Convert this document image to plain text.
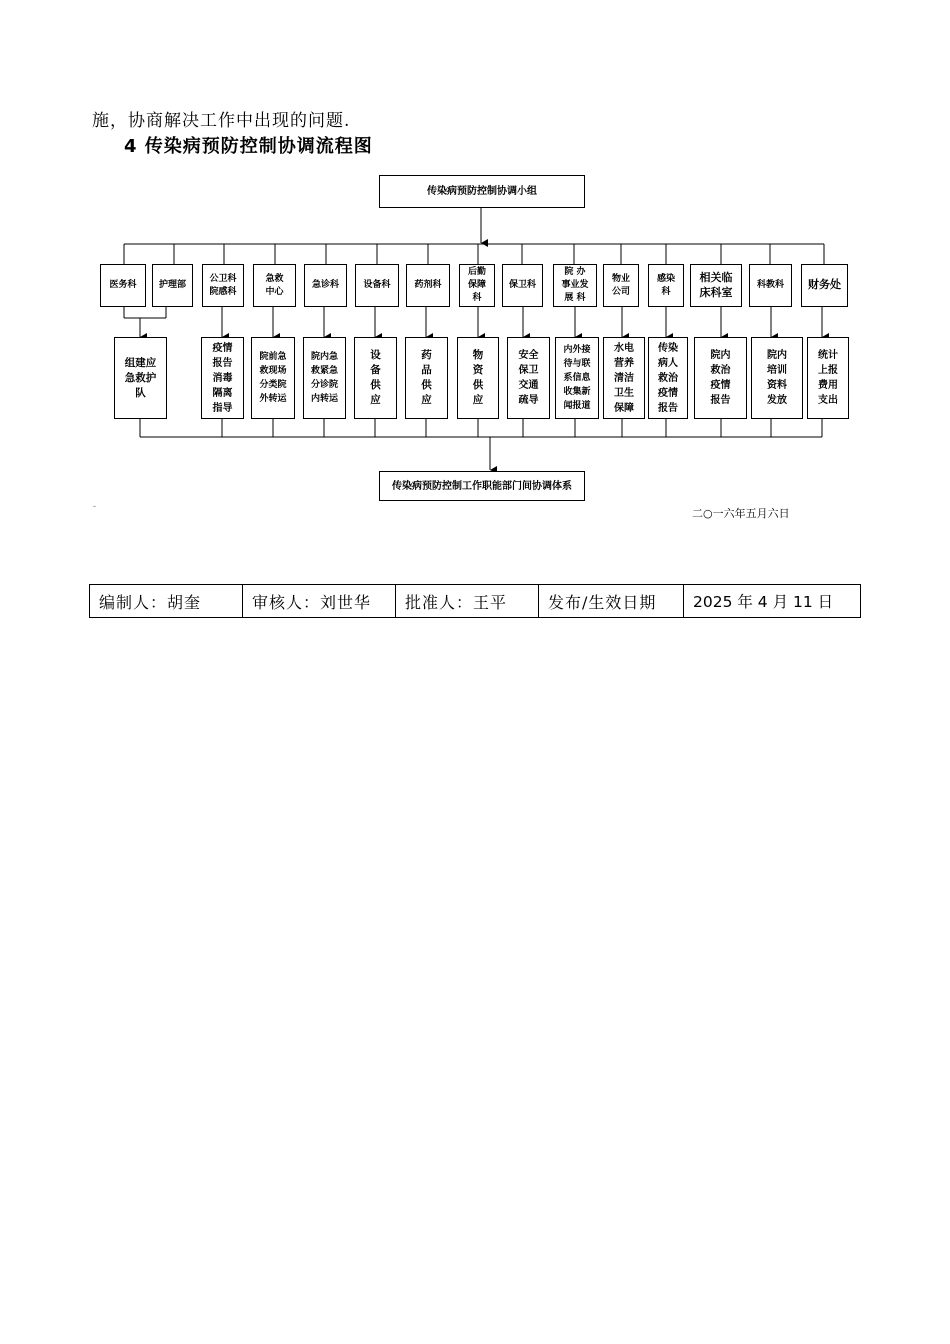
施，协商解决工作中出现的问题.
4 传染病预防控制协调流程图
传染病预防控制协调小组
传染病预防控制工作职能部门间协调体系
医务科	护理部
公卫科
院感科
急救
中心
急诊科	设备科	药剂科
后勤
保障
科
保卫科
院 办
事业发
展 科
物业
公司
感染
科
相关临
床科室
科教科	财务处
组建应
急救护
队
疫情
报告
消毒
隔离
指导
院前急
救现场
分类院
外转运
院内急
救紧急
分诊院
内转运
设
备
供
应
药
品
供
应
物
资
供
应
安全
保卫
交通
疏导
内外接
待与联
系信息
收集新
闻报道
水电
营养
清洁
卫生
保障
传染
病人
救治
疫情
报告
院内
救治
疫情
报告
院内
培训
资料
发放
统计
上报
费用
支出
-	二○一六年五月六日
编制人：胡奎	审核人：刘世华	批准人：王平	发布/生效日期	2025 年 4 月 11 日
